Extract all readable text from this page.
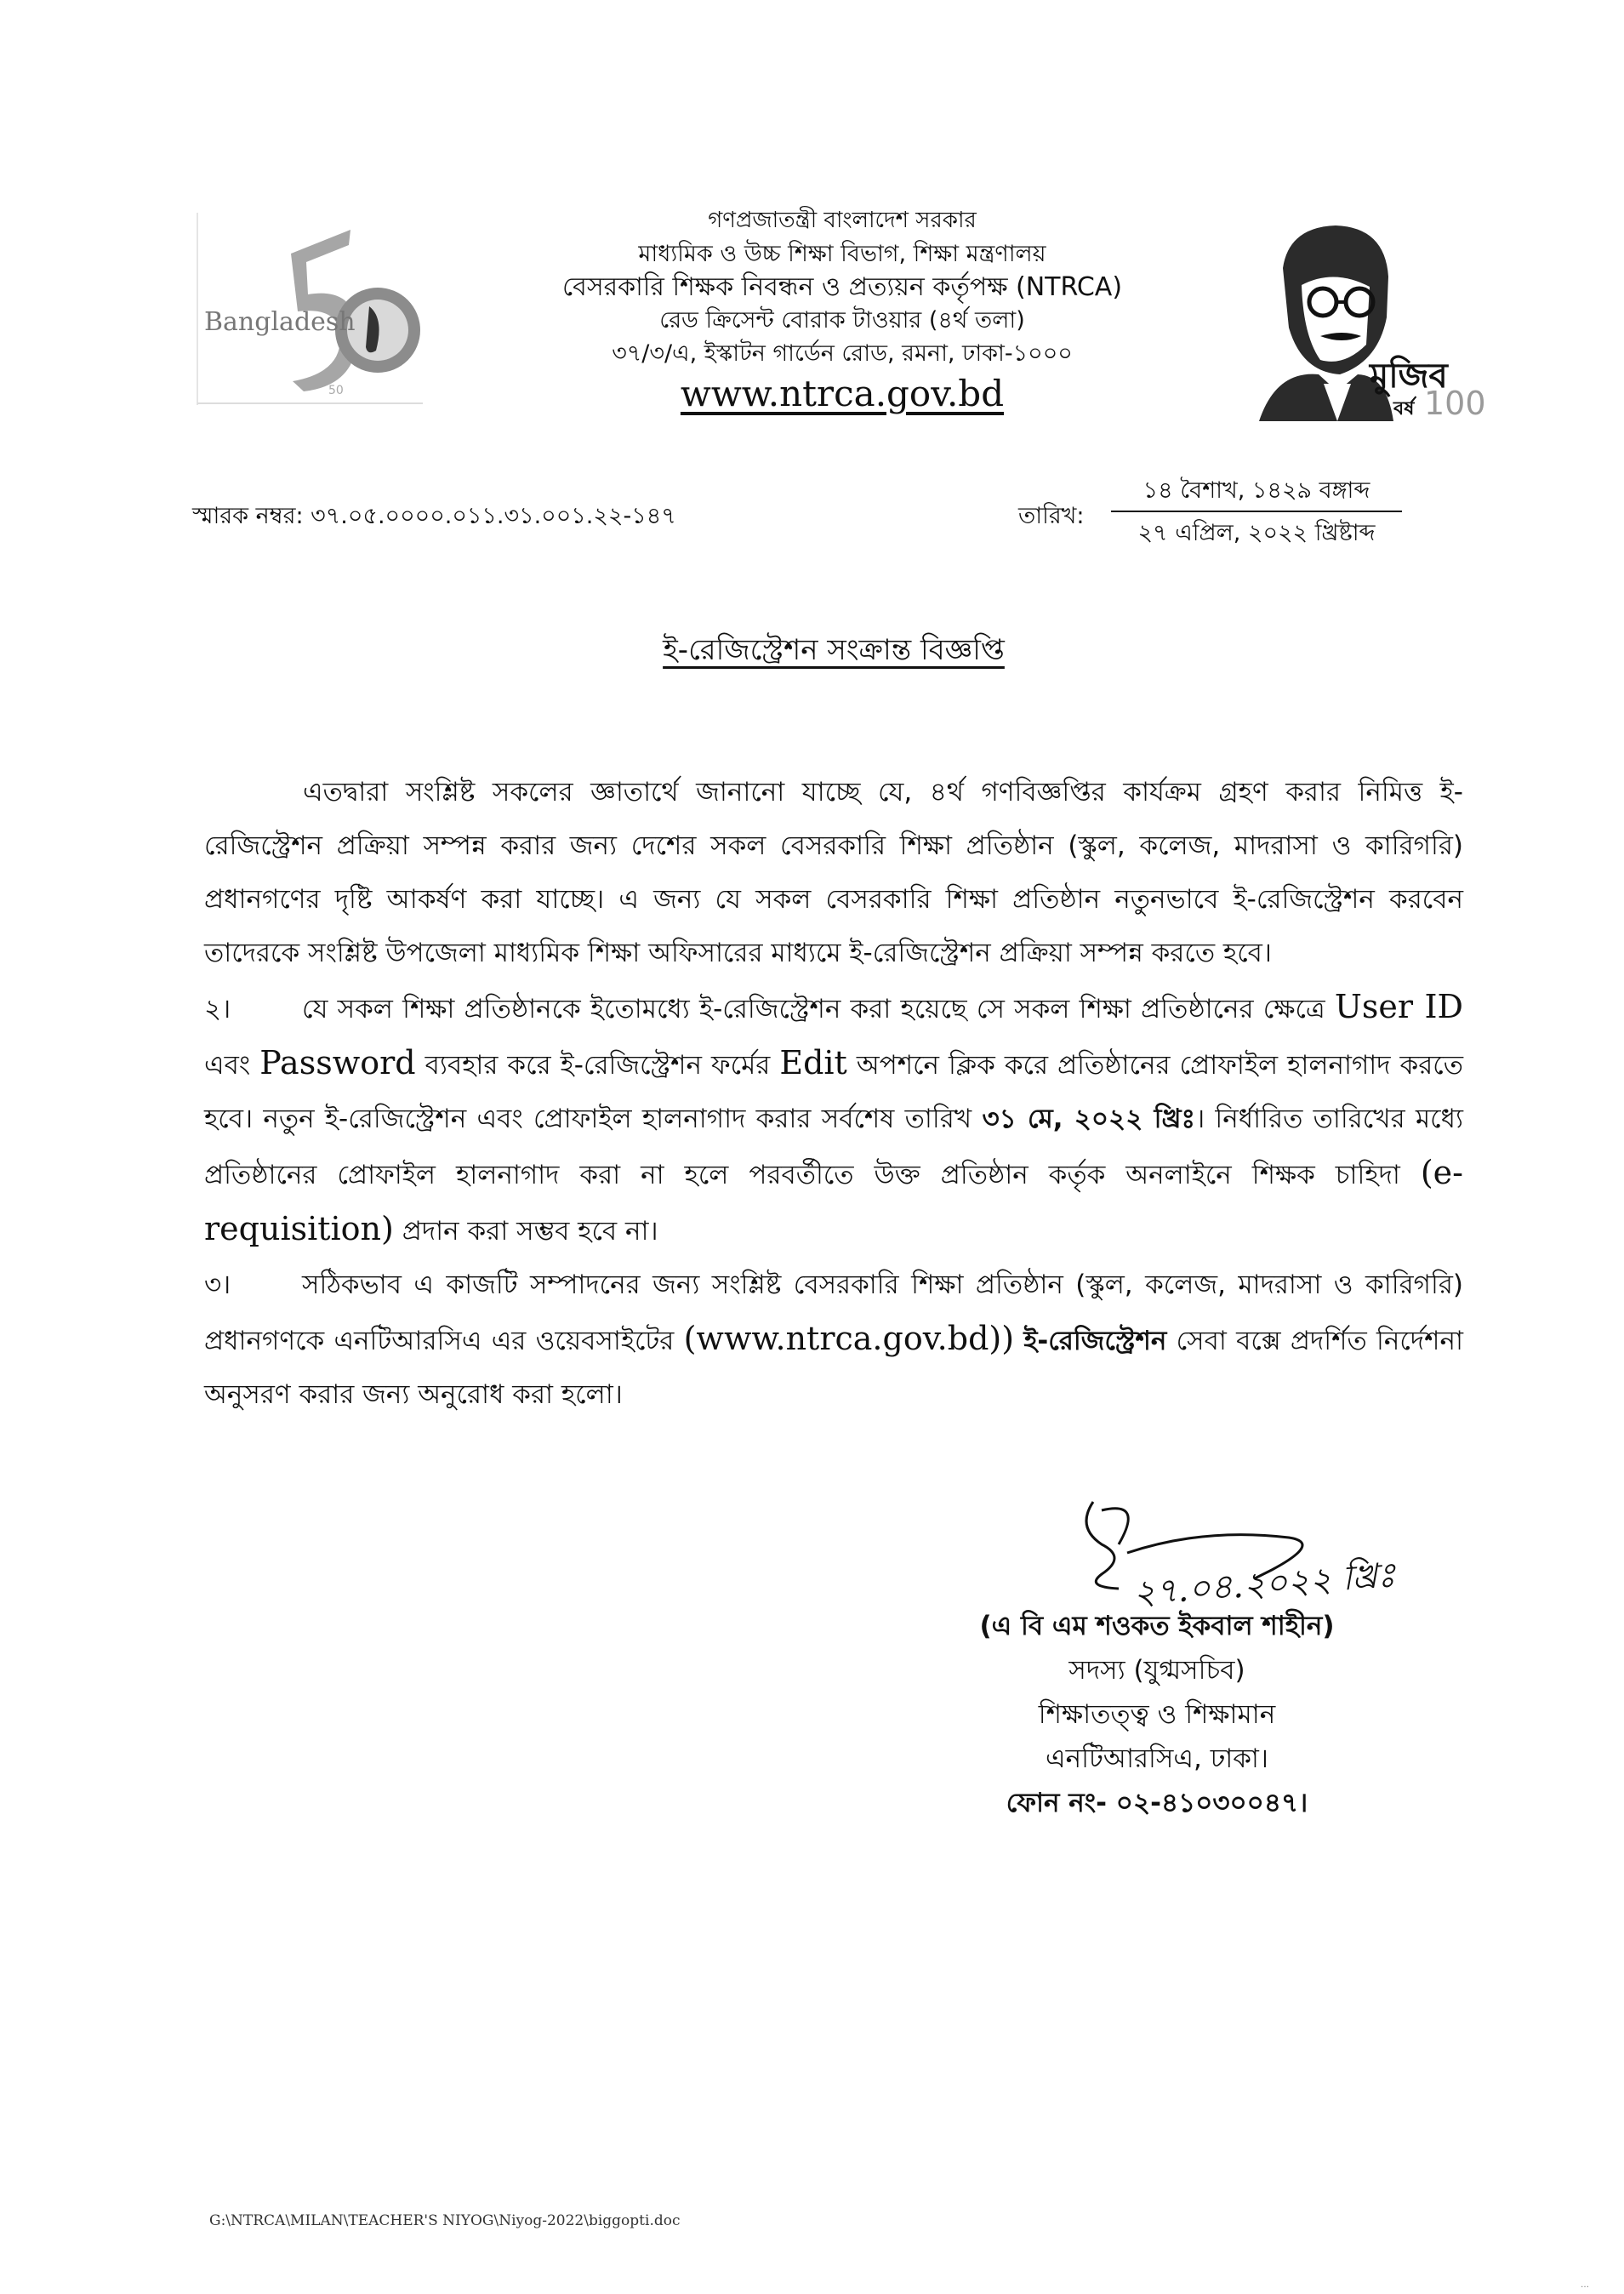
Bangladesh
50	মুজিব
বর্ষ 100
গণপ্রজাতন্ত্রী বাংলাদেশ সরকার
মাধ্যমিক ও উচ্চ শিক্ষা বিভাগ, শিক্ষা মন্ত্রণালয়
বেসরকারি শিক্ষক নিবন্ধন ও প্রত্যয়ন কর্তৃপক্ষ (NTRCA)
রেড ক্রিসেন্ট বোরাক টাওয়ার (৪র্থ তলা)
৩৭/৩/এ, ইস্কাটন গার্ডেন রোড, রমনা, ঢাকা-১০০০
www.ntrca.gov.bd
স্মারক নম্বর: ৩৭.০৫.০০০০.০১১.৩১.০০১.২২-১৪৭	তারিখ:
১৪ বৈশাখ, ১৪২৯ বঙ্গাব্দ
২৭ এপ্রিল, ২০২২ খ্রিষ্টাব্দ
ই-রেজিস্ট্রেশন সংক্রান্ত বিজ্ঞপ্তি

এতদ্বারা সংশ্লিষ্ট সকলের জ্ঞাতার্থে জানানো যাচ্ছে যে, ৪র্থ গণবিজ্ঞপ্তির কার্যক্রম গ্রহণ করার নিমিত্ত ই-রেজিস্ট্রেশন প্রক্রিয়া সম্পন্ন করার জন্য দেশের সকল বেসরকারি শিক্ষা প্রতিষ্ঠান (স্কুল, কলেজ, মাদরাসা ও কারিগরি) প্রধানগণের দৃষ্টি আকর্ষণ করা যাচ্ছে। এ জন্য যে সকল বেসরকারি শিক্ষা প্রতিষ্ঠান নতুনভাবে ই-রেজিস্ট্রেশন করবেন তাদেরকে সংশ্লিষ্ট উপজেলা মাধ্যমিক শিক্ষা অফিসারের মাধ্যমে ই-রেজিস্ট্রেশন প্রক্রিয়া সম্পন্ন করতে হবে।

২।	যে সকল শিক্ষা প্রতিষ্ঠানকে ইতোমধ্যে ই-রেজিস্ট্রেশন করা হয়েছে সে সকল শিক্ষা প্রতিষ্ঠানের ক্ষেত্রে User ID এবং Password ব্যবহার করে ই-রেজিস্ট্রেশন ফর্মের Edit অপশনে ক্লিক করে প্রতিষ্ঠানের প্রোফাইল হালনাগাদ করতে হবে। নতুন ই-রেজিস্ট্রেশন এবং প্রোফাইল হালনাগাদ করার সর্বশেষ তারিখ ৩১ মে, ২০২২ খ্রিঃ। নির্ধারিত তারিখের মধ্যে প্রতিষ্ঠানের প্রোফাইল হালনাগাদ করা না হলে পরবর্তীতে উক্ত প্রতিষ্ঠান কর্তৃক অনলাইনে শিক্ষক চাহিদা (e-requisition) প্রদান করা সম্ভব হবে না।

৩।	সঠিকভাব এ কাজটি সম্পাদনের জন্য সংশ্লিষ্ট বেসরকারি শিক্ষা প্রতিষ্ঠান (স্কুল, কলেজ, মাদরাসা ও কারিগরি) প্রধানগণকে এনটিআরসিএ এর ওয়েবসাইটের (www.ntrca.gov.bd)) ই-রেজিস্ট্রেশন সেবা বক্সে প্রদর্শিত নির্দেশনা অনুসরণ করার জন্য অনুরোধ করা হলো।

২৭.০৪.২০২২ খ্রিঃ
(এ বি এম শওকত ইকবাল শাহীন)
সদস্য (যুগ্মসচিব)
শিক্ষাতত্ত্ব ও শিক্ষামান
এনটিআরসিএ, ঢাকা।
ফোন নং- ০২-৪১০৩০০৪৭।
G:\NTRCA\MILAN\TEACHER'S NIYOG\Niyog-2022\biggopti.doc
…
